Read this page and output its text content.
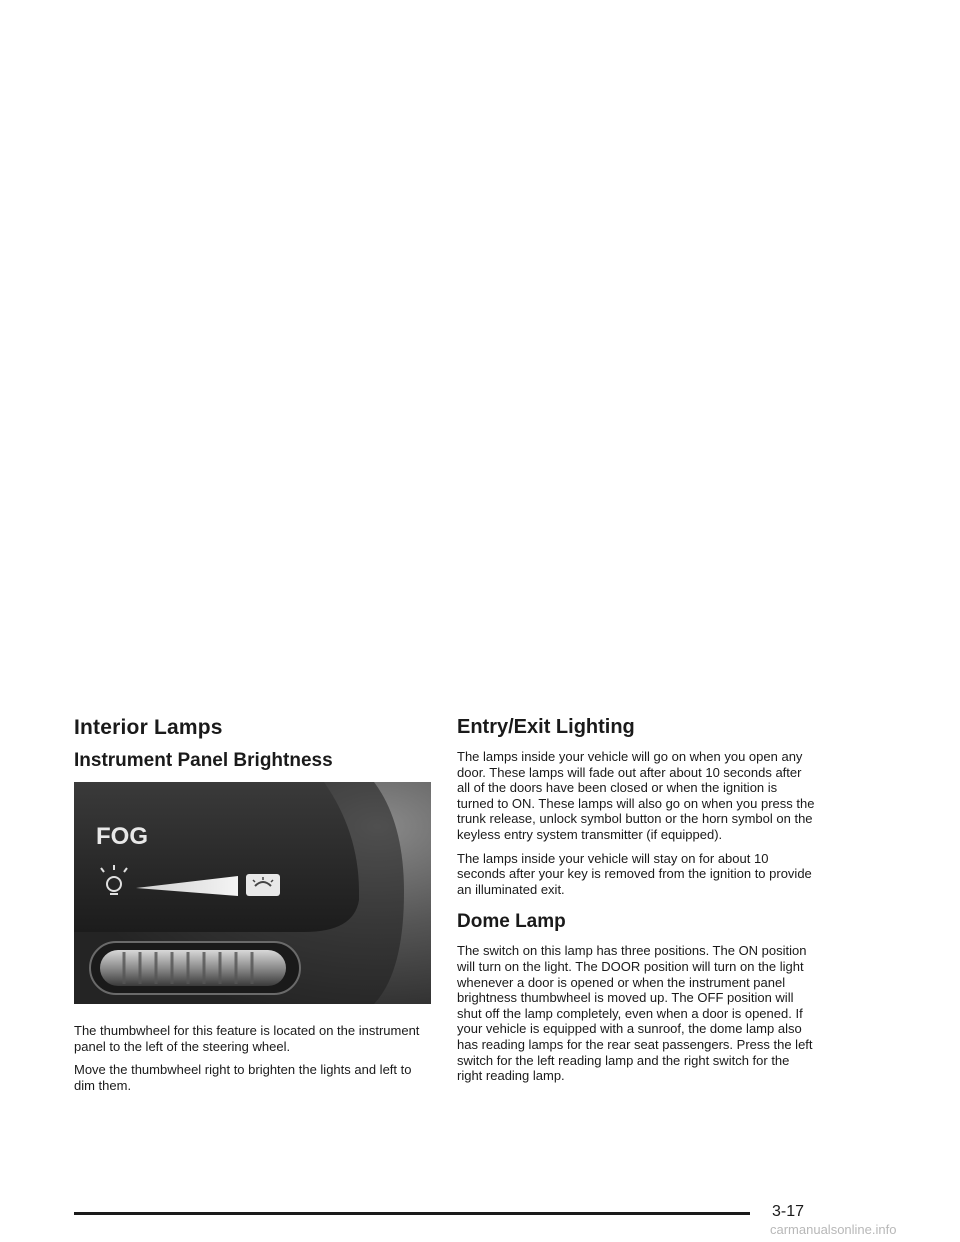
Interior Lamps
Instrument Panel Brightness
FOG

The thumbwheel for this feature is located on the instrument panel to the left of the steering wheel.

Move the thumbwheel right to brighten the lights and left to dim them.

Entry/Exit Lighting

The lamps inside your vehicle will go on when you open any door. These lamps will fade out after about 10 seconds after all of the doors have been closed or when the ignition is turned to ON. These lamps will also go on when you press the trunk release, unlock symbol button or the horn symbol on the keyless entry system transmitter (if equipped).

The lamps inside your vehicle will stay on for about 10 seconds after your key is removed from the ignition to provide an illuminated exit.

Dome Lamp

The switch on this lamp has three positions. The ON position will turn on the light. The DOOR position will turn on the light whenever a door is opened or when the instrument panel brightness thumbwheel is moved up. The OFF position will shut off the lamp completely, even when a door is opened. If your vehicle is equipped with a sunroof, the dome lamp also has reading lamps for the rear seat passengers. Press the left switch for the left reading lamp and the right switch for the right reading lamp.

3-17
carmanualsonline.info
